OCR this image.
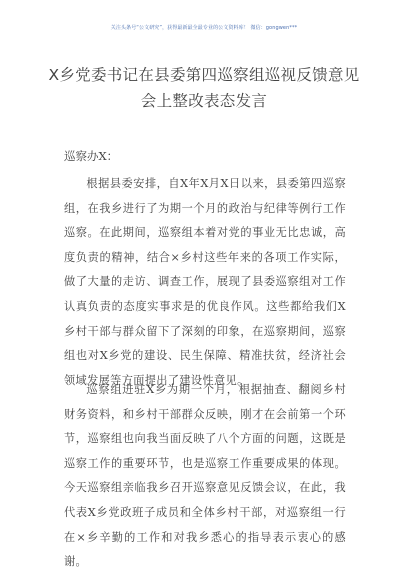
关注头条号“公文研究”，获得最新最全最专业的公文资料库！ 微信：gongwen***
X乡党委书记在县委第四巡察组巡视反馈意见会上整改表态发言
巡察办X：

根据县委安排，自X年X月X日以来，县委第四巡察组，在我乡进行了为期一个月的政治与纪律等例行工作巡察。在此期间，巡察组本着对党的事业无比忠诚，高度负责的精神，结合×乡村这些年来的各项工作实际，做了大量的走访、调查工作，展现了县委巡察组对工作认真负责的态度实事求是的优良作风。这些都给我们X乡村干部与群众留下了深刻的印象，在巡察期间，巡察组也对X乡党的建设、民生保障、精准扶贫，经济社会领域发展等方面提出了建设性意见。

巡察组进驻X乡为期一个月，根据抽查、翻阅乡村财务资料，和乡村干部群众反映，刚才在会前第一个环节，巡察组也向我当面反映了八个方面的问题，这既是巡察工作的重要环节，也是巡察工作重要成果的体现。今天巡察组亲临我乡召开巡察意见反馈会议，在此，我代表X乡党政班子成员和全体乡村干部，对巡察组一行在×乡辛勤的工作和对我乡悉心的指导表示衷心的感谢。
